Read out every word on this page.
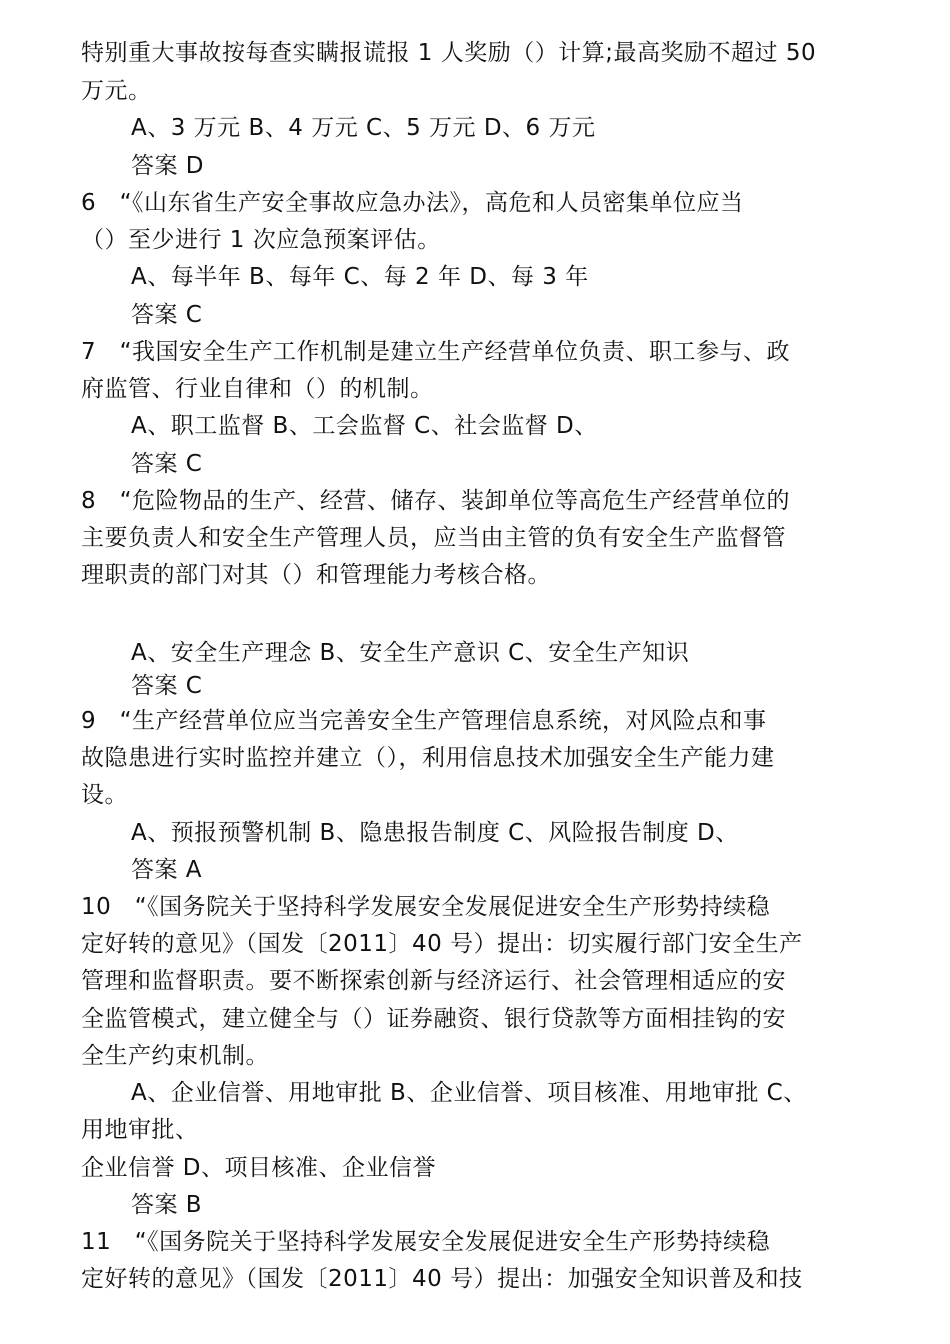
特别重大事故按每查实瞒报谎报 1 人奖励（）计算;最高奖励不超过 50
万元。
A、3 万元 B、4 万元 C、5 万元 D、6 万元
答案 D
6　“《山东省生产安全事故应急办法》，高危和人员密集单位应当
（）至少进行 1 次应急预案评估。
A、每半年 B、每年 C、每 2 年 D、每 3 年
答案 C
7　“我国安全生产工作机制是建立生产经营单位负责、职工参与、政
府监管、行业自律和（）的机制。
A、职工监督 B、工会监督 C、社会监督 D、
答案 C
8　“危险物品的生产、经营、储存、装卸单位等高危生产经营单位的
主要负责人和安全生产管理人员，应当由主管的负有安全生产监督管
理职责的部门对其（）和管理能力考核合格。
A、安全生产理念 B、安全生产意识 C、安全生产知识
答案 C
9　“生产经营单位应当完善安全生产管理信息系统，对风险点和事
故隐患进行实时监控并建立（），利用信息技术加强安全生产能力建
设。
A、预报预警机制 B、隐患报告制度 C、风险报告制度 D、
答案 A
10　“《国务院关于坚持科学发展安全发展促进安全生产形势持续稳
定好转的意见》（国发〔2011〕40 号）提出：切实履行部门安全生产
管理和监督职责。要不断探索创新与经济运行、社会管理相适应的安
全监管模式，建立健全与（）证券融资、银行贷款等方面相挂钩的安
全生产约束机制。
A、企业信誉、用地审批 B、企业信誉、项目核准、用地审批 C、
用地审批、
企业信誉 D、项目核准、企业信誉
答案 B
11　“《国务院关于坚持科学发展安全发展促进安全生产形势持续稳
定好转的意见》（国发〔2011〕40 号）提出：加强安全知识普及和技
